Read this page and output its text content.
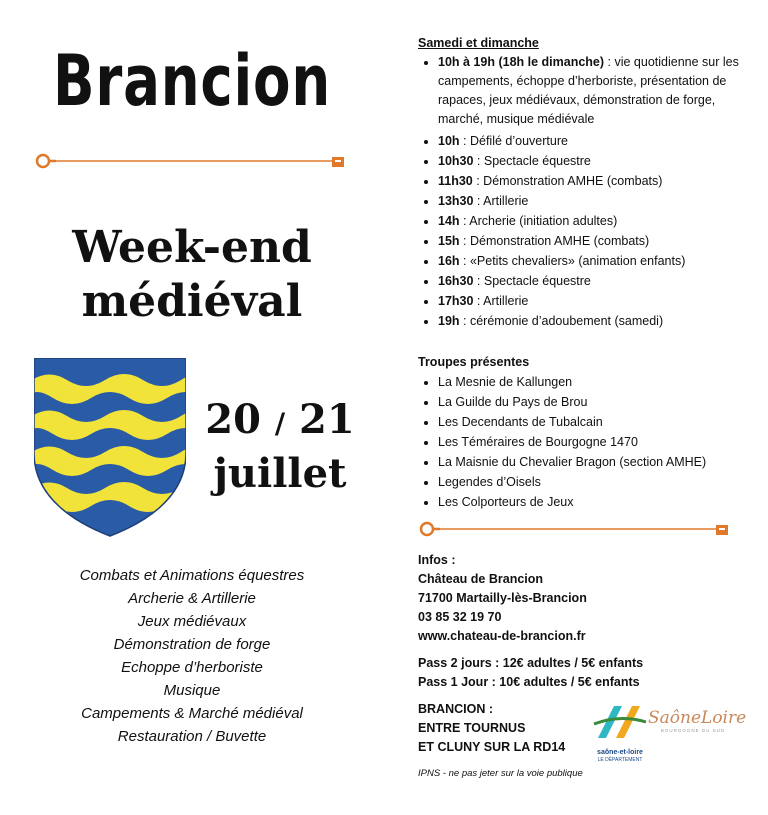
Brancion
Week-end
médiéval
20 / 21
juillet
Combats et Animations équestres
Archerie & Artillerie
Jeux médiévaux
Démonstration de forge
Echoppe d’herboriste
Musique
Campements & Marché médiéval
Restauration / Buvette
Samedi et dimanche
• 10h à 19h (18h le dimanche) : vie quotidienne sur les campements, échoppe d’herboriste, présentation de rapaces, jeux médiévaux, démonstration de forge, marché, musique médiévale
• 10h : Défilé d’ouverture
• 10h30 : Spectacle équestre
• 11h30 : Démonstration AMHE (combats)
• 13h30 : Artillerie
• 14h : Archerie (initiation adultes)
• 15h : Démonstration AMHE (combats)
• 16h : «Petits chevaliers» (animation enfants)
• 16h30 : Spectacle équestre
• 17h30 : Artillerie
• 19h : cérémonie d’adoubement (samedi)
Troupes présentes
• La Mesnie de Kallungen
• La Guilde du Pays de Brou
• Les Decendants de Tubalcain
• Les Téméraires de Bourgogne 1470
• La Maisnie du Chevalier Bragon (section AMHE)
• Legendes d’Oisels
• Les Colporteurs de Jeux
Infos :
Château de Brancion
71700 Martailly-lès-Brancion
03 85 32 19 70
www.chateau-de-brancion.fr
Pass 2 jours : 12€ adultes / 5€ enfants
Pass 1 Jour : 10€ adultes / 5€ enfants
BRANCION :
ENTRE TOURNUS
ET CLUNY SUR LA RD14
IPNS - ne pas jeter sur la voie publique
saône-et-loire
LE DÉPARTEMENT
SaôneLoire
BOURGOGNE DU SUD
